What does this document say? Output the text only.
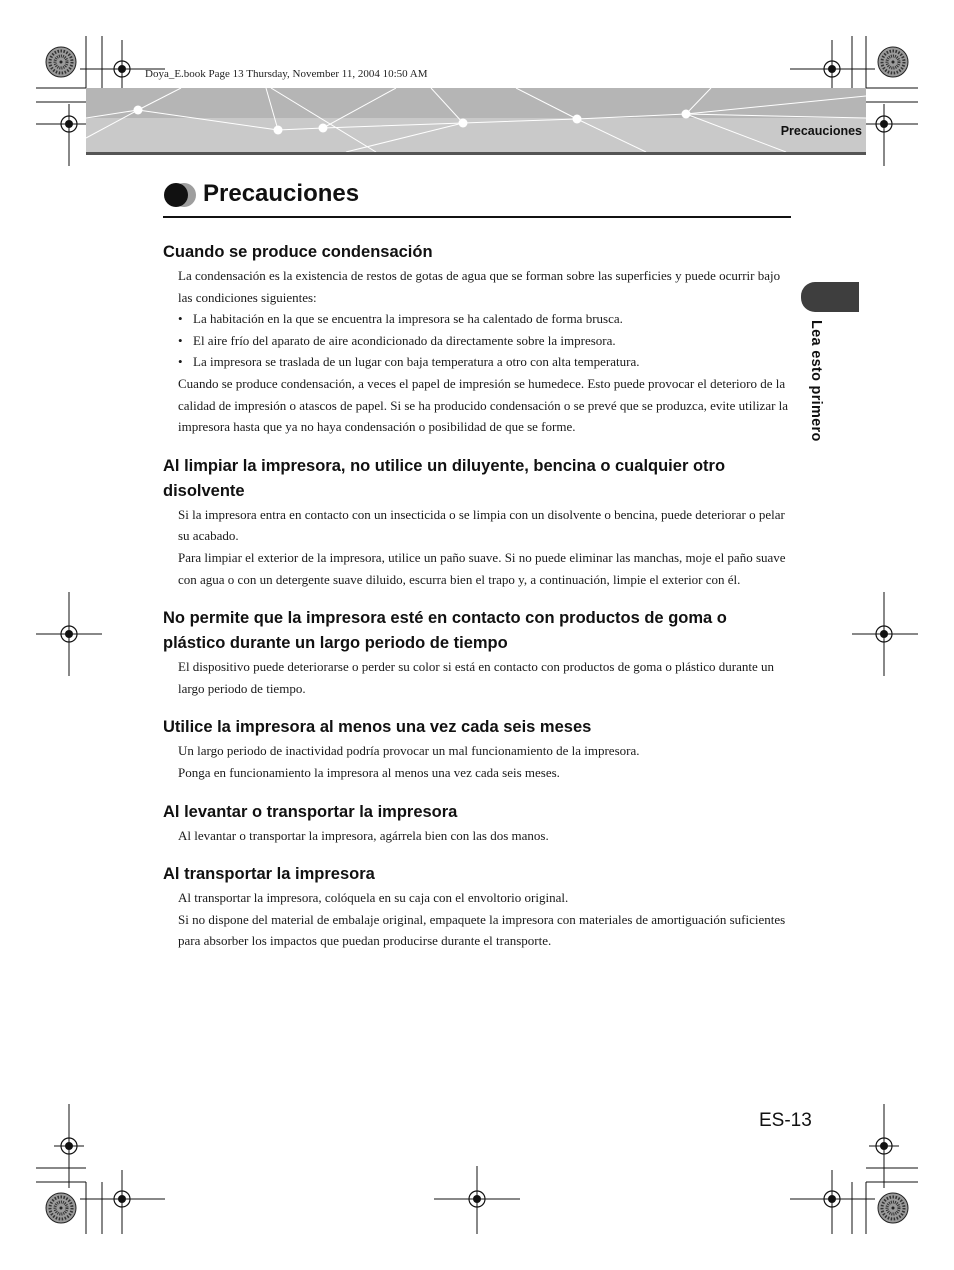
Doya_E.book Page 13 Thursday, November 11, 2004 10:50 AM
Precauciones
Precauciones
Cuando se produce condensación

La condensación es la existencia de restos de gotas de agua que se forman sobre las superficies y puede ocurrir bajo las condiciones siguientes:

• La habitación en la que se encuentra la impresora se ha calentado de forma brusca.
• El aire frío del aparato de aire acondicionado da directamente sobre la impresora.
• La impresora se traslada de un lugar con baja temperatura a otro con alta temperatura.

Cuando se produce condensación, a veces el papel de impresión se humedece. Esto puede provocar el deterioro de la calidad de impresión o atascos de papel. Si se ha producido condensación o se prevé que se produzca, evite utilizar la impresora hasta que ya no haya condensación o posibilidad de que se forme.

Al limpiar la impresora, no utilice un diluyente, bencina o cualquier otro disolvente

Si la impresora entra en contacto con un insecticida o se limpia con un disolvente o bencina, puede deteriorar o pelar su acabado.

Para limpiar el exterior de la impresora, utilice un paño suave. Si no puede eliminar las manchas, moje el paño suave con agua o con un detergente suave diluido, escurra bien el trapo y, a continuación, limpie el exterior con él.

No permite que la impresora esté en contacto con productos de goma o plástico durante un largo periodo de tiempo

El dispositivo puede deteriorarse o perder su color si está en contacto con productos de goma o plástico durante un largo periodo de tiempo.

Utilice la impresora al menos una vez cada seis meses

Un largo periodo de inactividad podría provocar un mal funcionamiento de la impresora.

Ponga en funcionamiento la impresora al menos una vez cada seis meses.

Al levantar o transportar la impresora

Al levantar o transportar la impresora, agárrela bien con las dos manos.

Al transportar la impresora

Al transportar la impresora, colóquela en su caja con el envoltorio original.

Si no dispone del material de embalaje original, empaquete la impresora con materiales de amortiguación suficientes para absorber los impactos que puedan producirse durante el transporte.

Lea esto primero
ES-13
